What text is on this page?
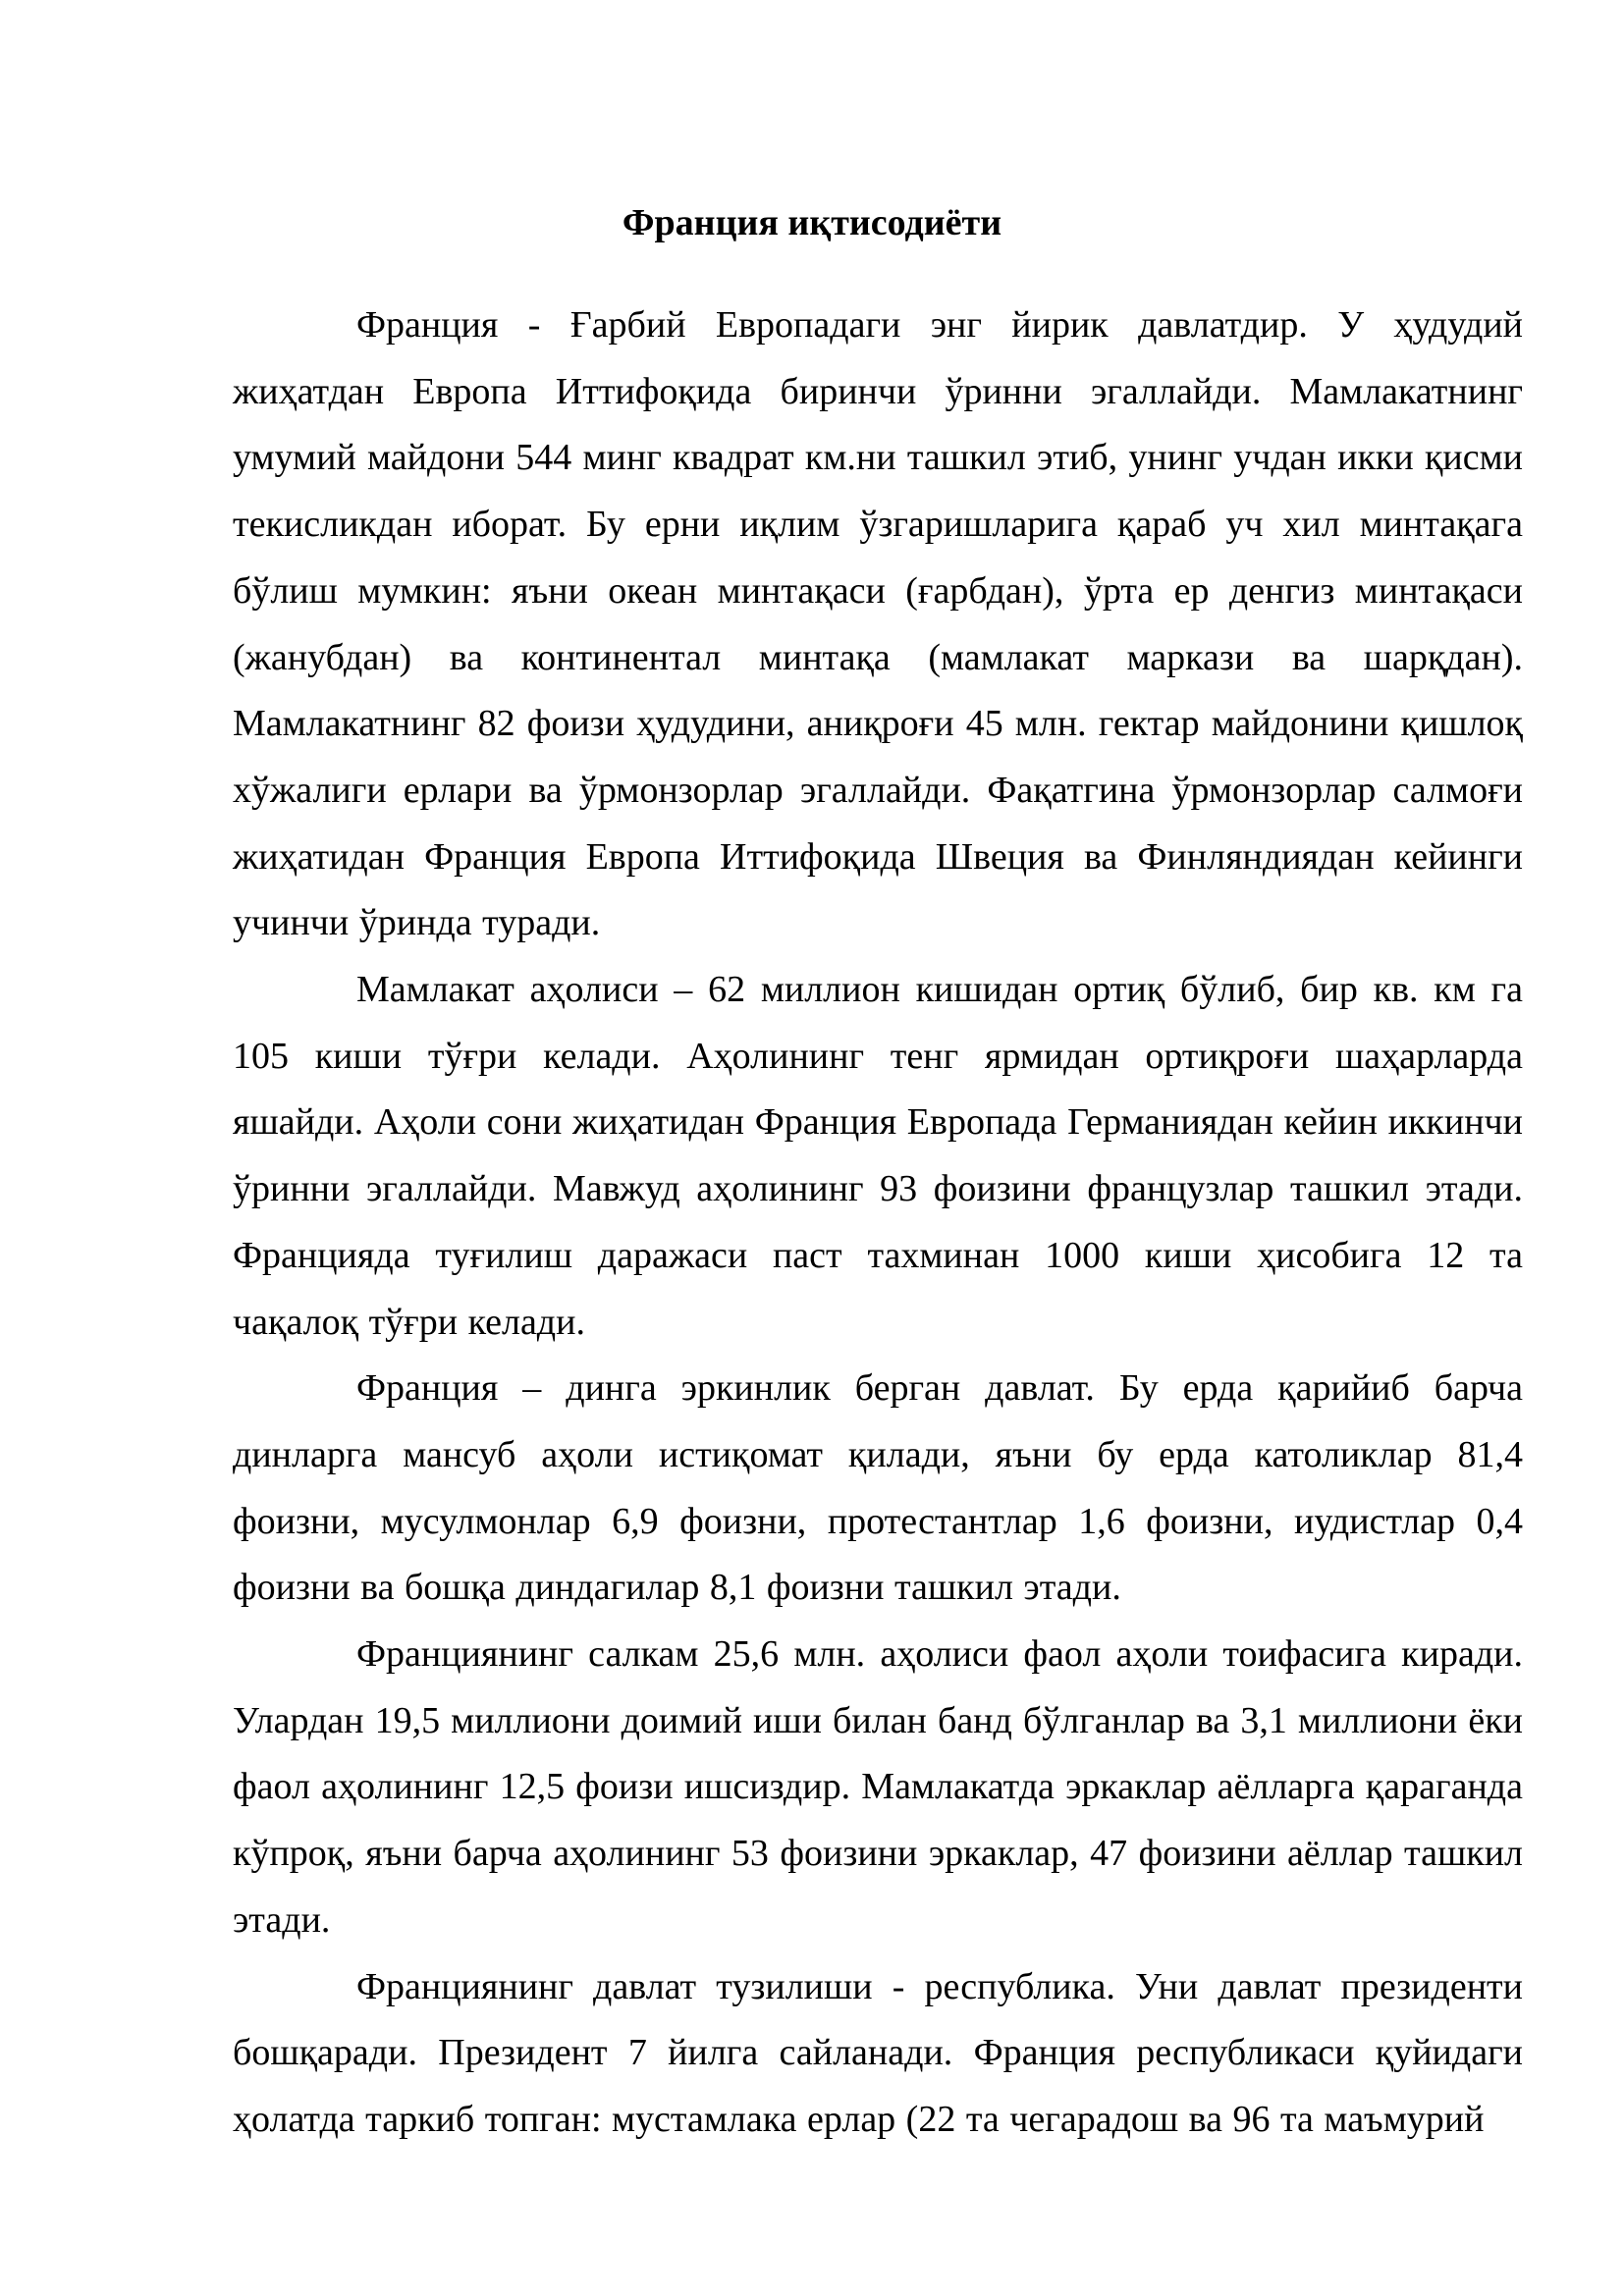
Франция иқтисодиёти

Франция - Ғарбий Европадаги энг йирик давлатдир. У ҳудудий жиҳатдан Европа Иттифоқида биринчи ўринни эгаллайди. Мамлакатнинг умумий майдони 544 минг квадрат км.ни ташкил этиб, унинг учдан икки қисми текисликдан иборат. Бу ерни иқлим ўзгаришларига қараб уч хил минтақага бўлиш мумкин: яъни океан минтақаси (ғарбдан), ўрта ер денгиз минтақаси (жанубдан) ва континентал минтақа (мамлакат маркази ва шарқдан). Мамлакатнинг 82 фоизи ҳудудини, аниқроғи 45 млн. гектар майдонини қишлоқ хўжалиги ерлари ва ўрмонзорлар эгаллайди. Фақатгина ўрмонзорлар салмоғи жиҳатидан Франция Европа Иттифоқида Швеция ва Финляндиядан кейинги учинчи ўринда туради.

Мамлакат аҳолиси – 62 миллион кишидан ортиқ бўлиб, бир кв. км га 105 киши тўғри келади. Аҳолининг тенг ярмидан ортиқроғи шаҳарларда яшайди. Аҳоли сони жиҳатидан Франция Европада Германиядан кейин иккинчи ўринни эгаллайди. Мавжуд аҳолининг 93 фоизини французлар ташкил этади. Францияда туғилиш даражаси паст тахминан 1000 киши ҳисобига 12 та чақалоқ тўғри келади.

Франция – динга эркинлик берган давлат. Бу ерда қарийиб барча динларга мансуб аҳоли истиқомат қилади, яъни бу ерда католиклар 81,4 фоизни, мусулмонлар 6,9 фоизни, протестантлар 1,6 фоизни, иудистлар 0,4 фоизни ва бошқа диндагилар 8,1 фоизни ташкил этади.

Франциянинг салкам 25,6 млн. аҳолиси фаол аҳоли тоифасига киради. Улардан 19,5 миллиони доимий иши билан банд бўлганлар ва 3,1 миллиони ёки фаол аҳолининг 12,5 фоизи ишсиздир. Мамлакатда эркаклар аёлларга қараганда кўпроқ, яъни барча аҳолининг 53 фоизини эркаклар, 47 фоизини аёллар ташкил этади.

Франциянинг давлат тузилиши - республика. Уни давлат президенти бошқаради. Президент 7 йилга сайланади. Франция республикаси қуйидаги ҳолатда таркиб топган: мустамлака ерлар (22 та чегарадош ва 96 та маъмурий
